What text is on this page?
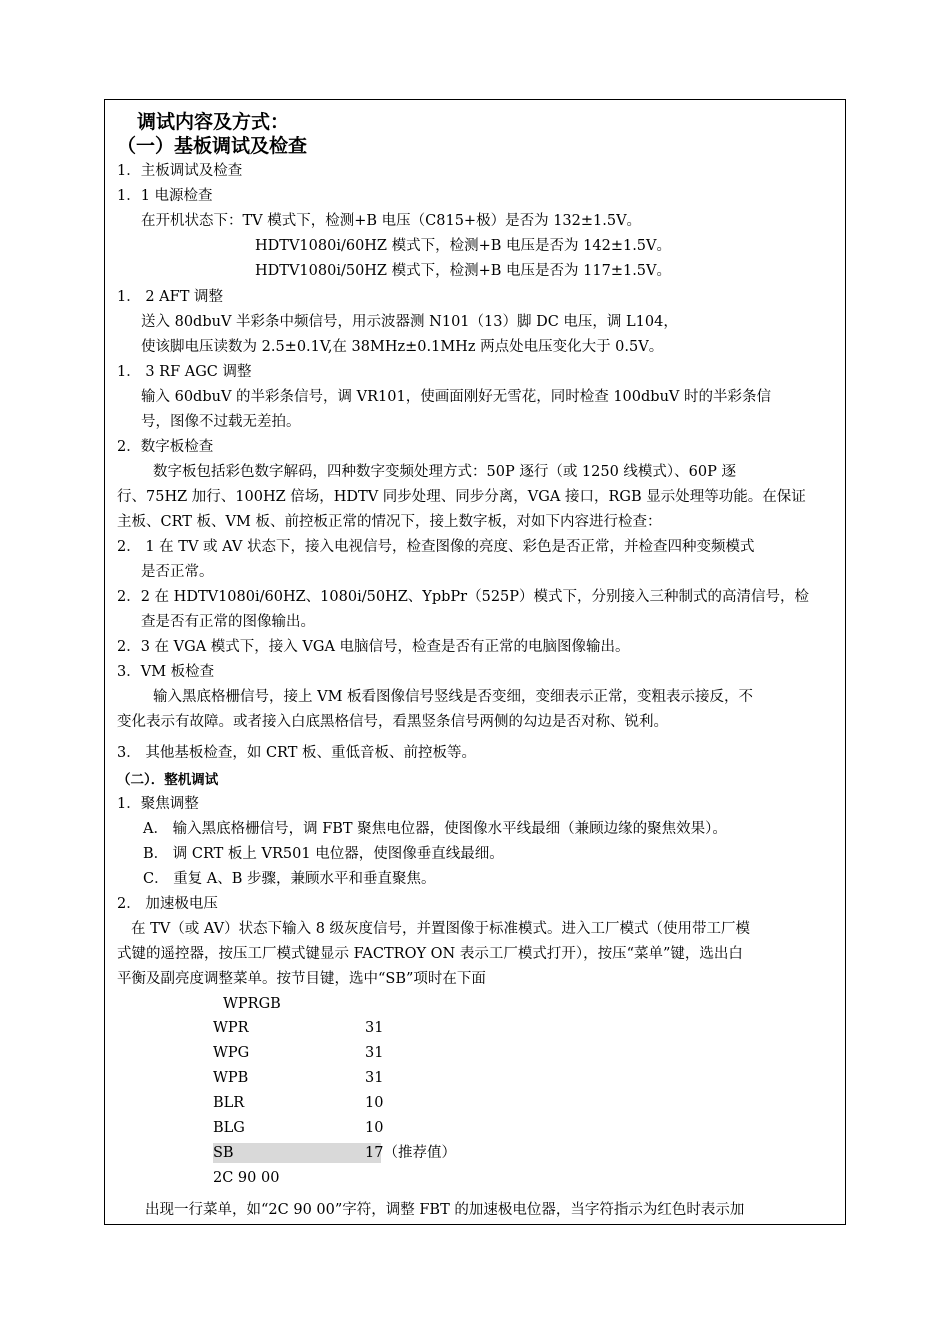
调试内容及方式：
（一）基板调试及检查
1．主板调试及检查
1．1 电源检查
在开机状态下：TV 模式下，检测+B 电压（C815+极）是否为 132±1.5V。
HDTV1080i/60HZ 模式下，检测+B 电压是否为 142±1.5V。
HDTV1080i/50HZ 模式下，检测+B 电压是否为 117±1.5V。
1． 2 AFT 调整
送入 80dbuV 半彩条中频信号，用示波器测 N101（13）脚 DC 电压，调 L104，
使该脚电压读数为 2.5±0.1V,在 38MHz±0.1MHz 两点处电压变化大于 0.5V。
1． 3 RF AGC 调整
输入 60dbuV 的半彩条信号，调 VR101，使画面刚好无雪花，同时检查 100dbuV 时的半彩条信
号，图像不过载无差拍。
2．数字板检查
数字板包括彩色数字解码，四种数字变频处理方式：50P 逐行（或 1250 线模式）、60P 逐
行、75HZ 加行、100HZ 倍场，HDTV 同步处理、同步分离，VGA 接口，RGB 显示处理等功能。在保证
主板、CRT 板、VM 板、前控板正常的情况下，接上数字板，对如下内容进行检查：
2． 1 在 TV 或 AV 状态下，接入电视信号，检查图像的亮度、彩色是否正常，并检查四种变频模式
是否正常。
2．2 在 HDTV1080i/60HZ、1080i/50HZ、YpbPr（525P）模式下，分别接入三种制式的高清信号，检
查是否有正常的图像输出。
2．3 在 VGA 模式下，接入 VGA 电脑信号，检查是否有正常的电脑图像输出。
3．VM 板检查
输入黑底格栅信号，接上 VM 板看图像信号竖线是否变细，变细表示正常，变粗表示接反，不
变化表示有故障。或者接入白底黑格信号，看黑竖条信号两侧的勾边是否对称、锐利。
3． 其他基板检查，如 CRT 板、重低音板、前控板等。
（二）．整机调试
1．聚焦调整
A． 输入黑底格栅信号，调 FBT 聚焦电位器，使图像水平线最细（兼顾边缘的聚焦效果）。
B． 调 CRT 板上 VR501 电位器，使图像垂直线最细。
C． 重复 A、B 步骤，兼顾水平和垂直聚焦。
2． 加速极电压
在 TV（或 AV）状态下输入 8 级灰度信号，并置图像于标准模式。进入工厂模式（使用带工厂模
式键的遥控器，按压工厂模式键显示 FACTROY ON 表示工厂模式打开），按压“菜单”键，选出白
平衡及副亮度调整菜单。按节目键，选中“SB”项时在下面
WPRGB
WPR	31
WPG	31
WPB	31
BLR	10
BLG	10
SB	17（推荐值）
2C 90 00
出现一行菜单，如“2C 90 00”字符，调整 FBT 的加速极电位器，当字符指示为红色时表示加
